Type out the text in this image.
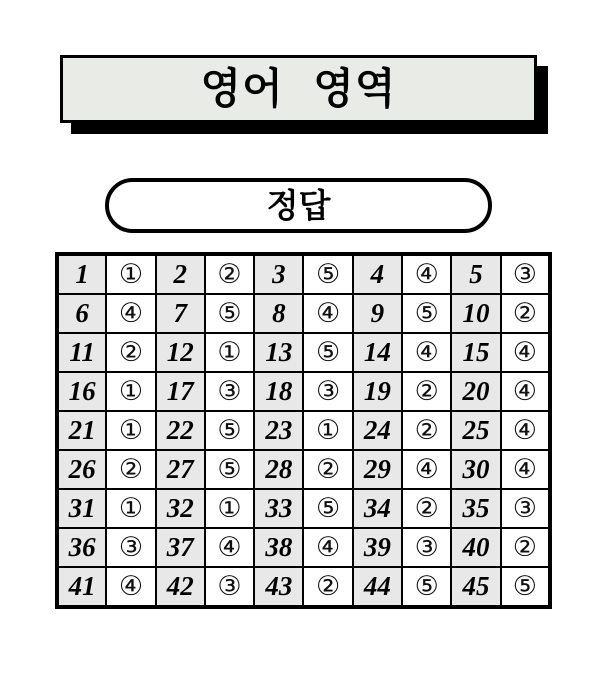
영어 영역
정답
1	①	2	②	3	⑤	4	④	5	③
6	④	7	⑤	8	④	9	⑤	10	②
11	②	12	①	13	⑤	14	④	15	④
16	①	17	③	18	③	19	②	20	④
21	①	22	⑤	23	①	24	②	25	④
26	②	27	⑤	28	②	29	④	30	④
31	①	32	①	33	⑤	34	②	35	③
36	③	37	④	38	④	39	③	40	②
41	④	42	③	43	②	44	⑤	45	⑤
